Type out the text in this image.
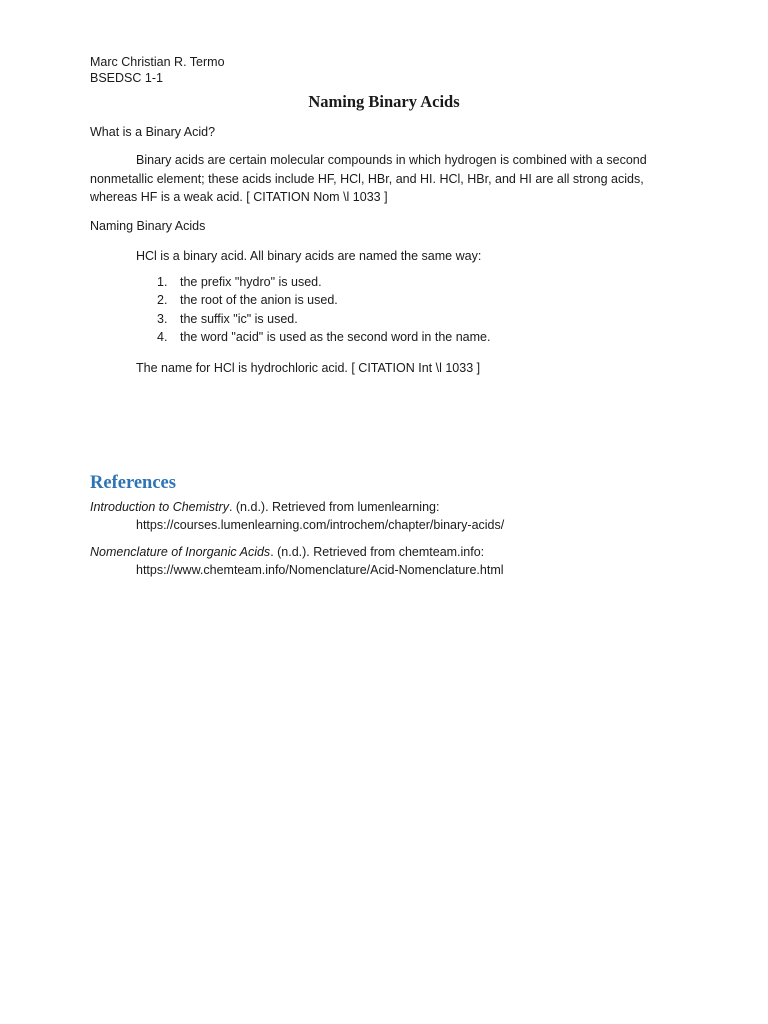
Marc Christian R. Termo

BSEDSC 1-1

Naming Binary Acids

What is a Binary Acid?

Binary acids are certain molecular compounds in which hydrogen is combined with a second nonmetallic element; these acids include HF, HCl, HBr, and HI. HCl, HBr, and HI are all strong acids, whereas HF is a weak acid. [ CITATION Nom \l 1033 ]

Naming Binary Acids

HCl is a binary acid. All binary acids are named the same way:

1. the prefix "hydro" is used.
2. the root of the anion is used.
3. the suffix "ic" is used.
4. the word "acid" is used as the second word in the name.

The name for HCl is hydrochloric acid. [ CITATION Int \l 1033 ]

References

Introduction to Chemistry. (n.d.). Retrieved from lumenlearning:
https://courses.lumenlearning.com/introchem/chapter/binary-acids/

Nomenclature of Inorganic Acids. (n.d.). Retrieved from chemteam.info:
https://www.chemteam.info/Nomenclature/Acid-Nomenclature.html
